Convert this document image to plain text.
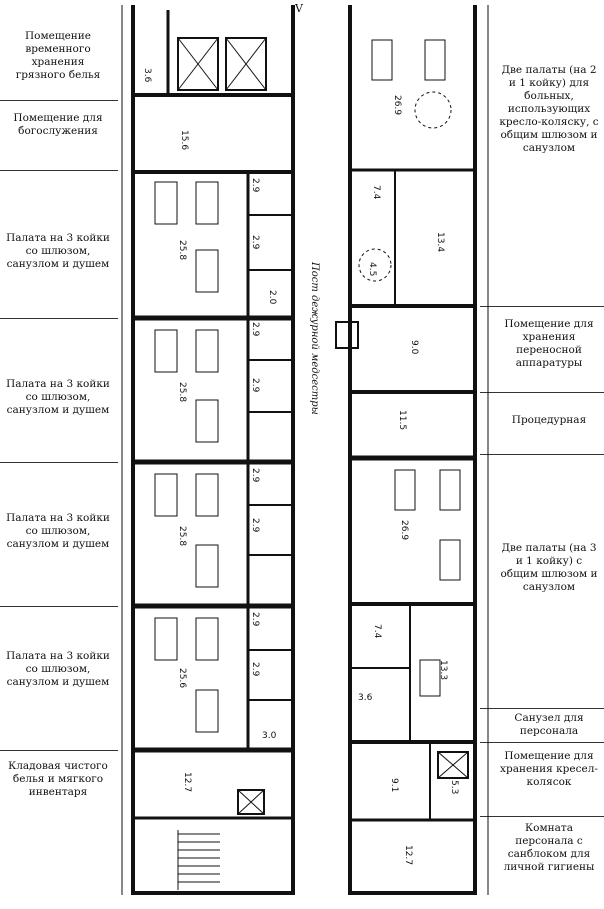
Помещение временного хранения грязного белья
Помещение для богослужения
Палата на 3 койки со шлюзом, санузлом и душем
Палата на 3 койки со шлюзом, санузлом и душем
Палата на 3 койки со шлюзом, санузлом и душем
Палата на 3 койки со шлюзом, санузлом и душем
Кладовая чистого белья и мягкого инвентаря
Две палаты (на 2 и 1 койку) для больных, использующих кресло-коляску, с общим шлюзом и санузлом
Помещение для хранения переносной аппаратуры
Процедурная
Две палаты (на 3 и 1 койку) с общим шлюзом и санузлом
Санузел для персонала
Помещение для хранения кресел-колясок
Комната персонала с санблоком для личной гигиены
3.6
15.6
25.8
2.9
2.9
2.0
25.8
2.9
2.9
25.8
2.9
2.9
25.6
2.9
2.9
3.0
12.7
26.9
7.4
13.4
4.5
9.0
11.5
26.9
7.4
13.3
3.6
5.3
9.1
12.7
V
Пост дежурной медсестры
